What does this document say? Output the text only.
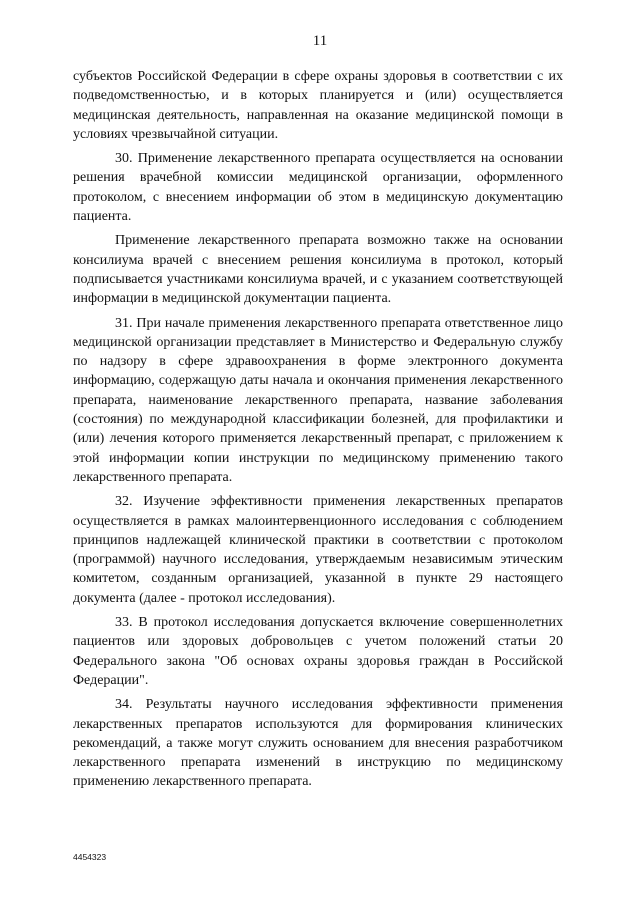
11

субъектов Российской Федерации в сфере охраны здоровья в соответствии с их подведомственностью, и в которых планируется и (или) осуществляется медицинская деятельность, направленная на оказание медицинской помощи в условиях чрезвычайной ситуации.

30. Применение лекарственного препарата осуществляется на основании решения врачебной комиссии медицинской организации, оформленного протоколом, с внесением информации об этом в медицинскую документацию пациента.

Применение лекарственного препарата возможно также на основании консилиума врачей с внесением решения консилиума в протокол, который подписывается участниками консилиума врачей, и с указанием соответствующей информации в медицинской документации пациента.

31. При начале применения лекарственного препарата ответственное лицо медицинской организации представляет в Министерство и Федеральную службу по надзору в сфере здравоохранения в форме электронного документа информацию, содержащую даты начала и окончания применения лекарственного препарата, наименование лекарственного препарата, название заболевания (состояния) по международной классификации болезней, для профилактики и (или) лечения которого применяется лекарственный препарат, с приложением к этой информации копии инструкции по медицинскому применению такого лекарственного препарата.

32. Изучение эффективности применения лекарственных препаратов осуществляется в рамках малоинтервенционного исследования с соблюдением принципов надлежащей клинической практики в соответствии с протоколом (программой) научного исследования, утверждаемым независимым этическим комитетом, созданным организацией, указанной в пункте 29 настоящего документа (далее - протокол исследования).

33. В протокол исследования допускается включение совершеннолетних пациентов или здоровых добровольцев с учетом положений статьи 20 Федерального закона "Об основах охраны здоровья граждан в Российской Федерации".

34. Результаты научного исследования эффективности применения лекарственных препаратов используются для формирования клинических рекомендаций, а также могут служить основанием для внесения разработчиком лекарственного препарата изменений в инструкцию по медицинскому применению лекарственного препарата.

4454323
